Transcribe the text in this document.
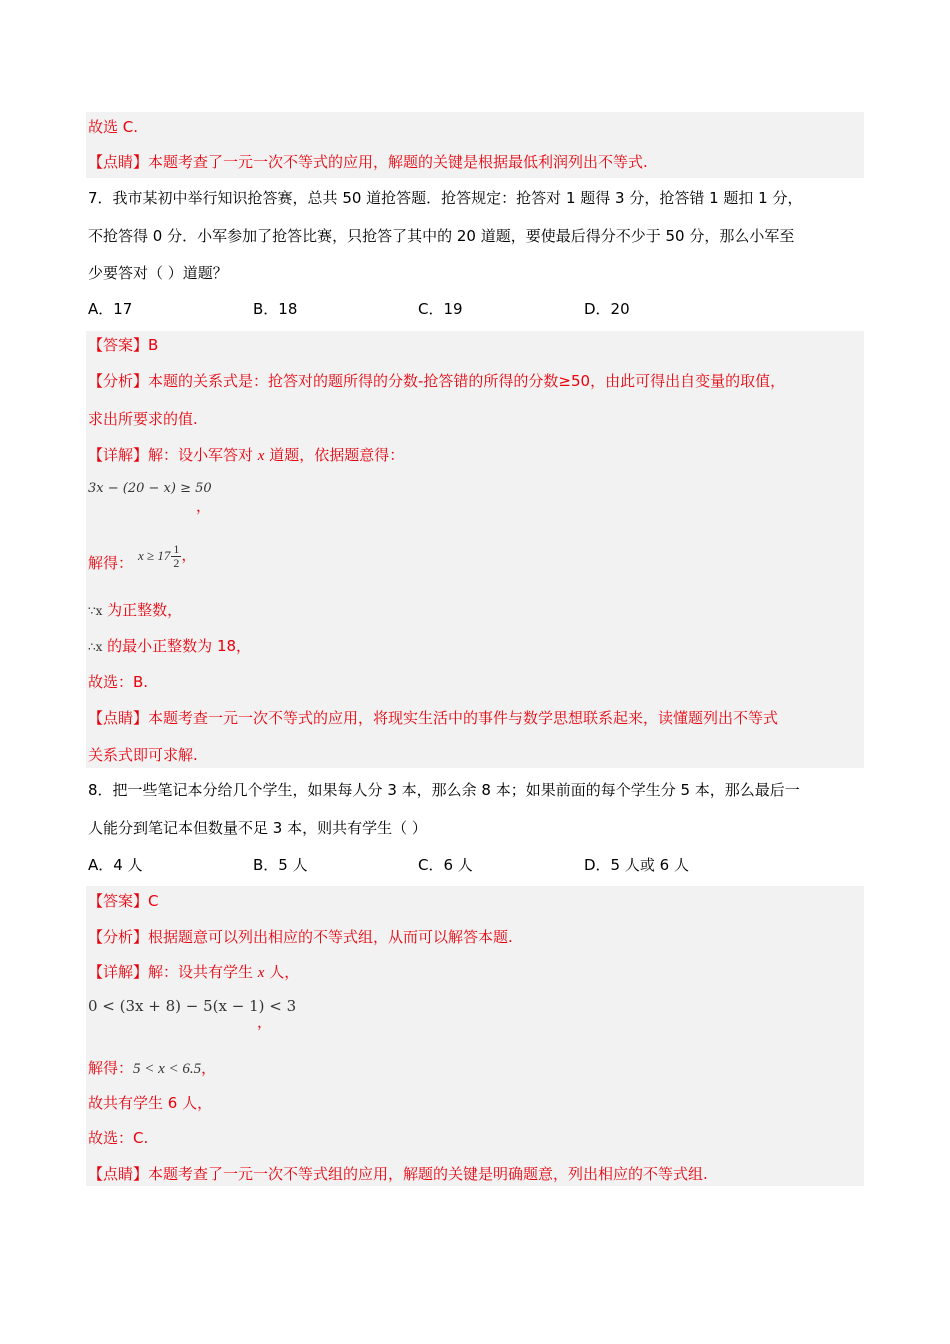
故选 C.
【点睛】本题考查了一元一次不等式的应用，解题的关键是根据最低利润列出不等式.
7．我市某初中举行知识抢答赛，总共 50 道抢答题．抢答规定：抢答对 1 题得 3 分，抢答错 1 题扣 1 分，
不抢答得 0 分．小军参加了抢答比赛，只抢答了其中的 20 道题，要使最后得分不少于 50 分，那么小军至
少要答对（ ）道题？
A．17	B．18	C．19	D．20
【答案】B
【分析】本题的关系式是：抢答对的题所得的分数-抢答错的所得的分数≥50，由此可得出自变量的取值，
求出所要求的值.
【详解】解：设小军答对 x 道题，依据题意得：
3x − (20 − x) ≥ 50
，
解得： $x \ge 17 \frac{1}{2}$ ，
∵x 为正整数，
∴x 的最小正整数为 18，
故选：B.
【点睛】本题考查一元一次不等式的应用，将现实生活中的事件与数学思想联系起来，读懂题列出不等式
关系式即可求解.
8．把一些笔记本分给几个学生，如果每人分 3 本，那么余 8 本；如果前面的每个学生分 5 本，那么最后一
人能分到笔记本但数量不足 3 本，则共有学生（ ）
A．4 人	B．5 人	C．6 人	D．5 人或 6 人
【答案】C
【分析】根据题意可以列出相应的不等式组，从而可以解答本题.
【详解】解：设共有学生 x 人，
0 < (3x + 8) − 5(x − 1) < 3
，
解得：5 < x < 6.5，
故共有学生 6 人，
故选：C.
【点睛】本题考查了一元一次不等式组的应用，解题的关键是明确题意，列出相应的不等式组.
